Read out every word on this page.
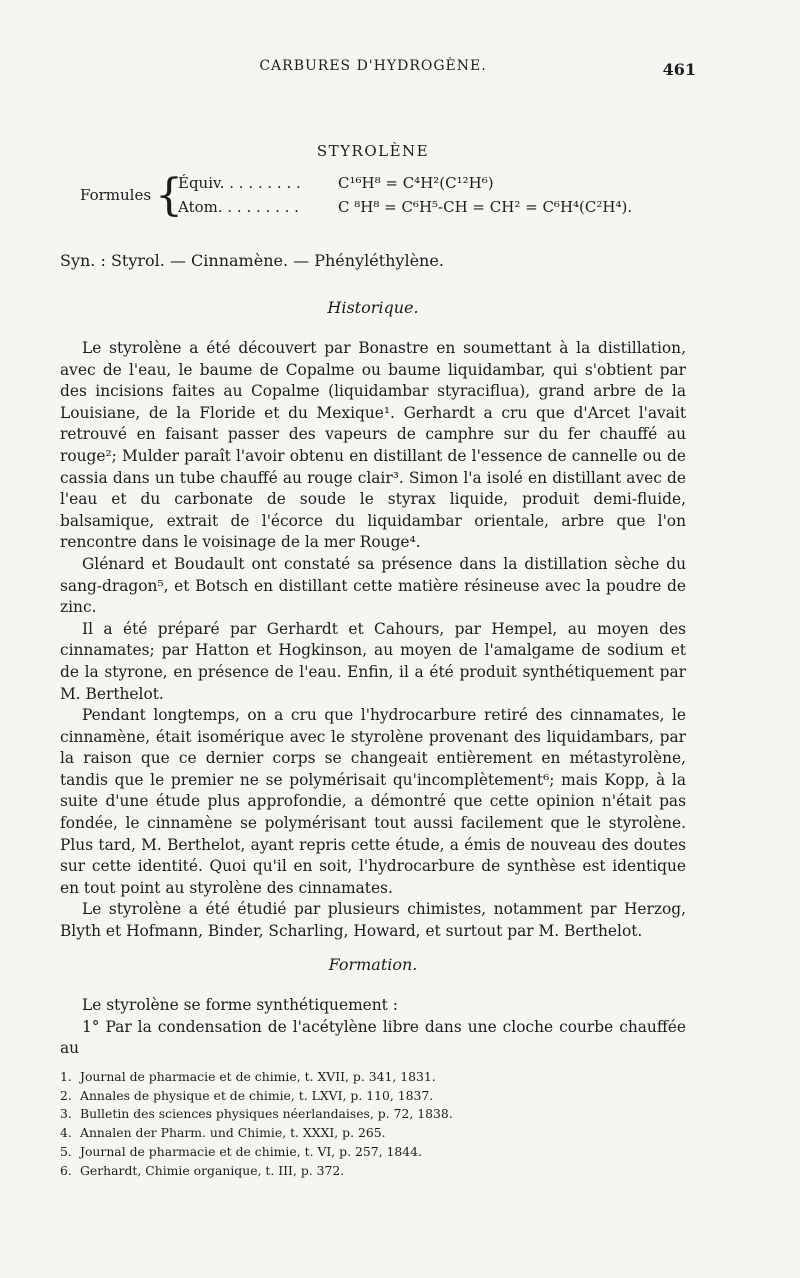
CARBURES D'HYDROGÈNE.	461
STYROLÈNE
Formules {
Équiv. . . . . . . . . C¹⁶H⁸ = C⁴H²(C¹²H⁶)
Atom. . . . . . . . .	C ⁸H⁸ = C⁶H⁵-CH = CH² = C⁶H⁴(C²H⁴).
Syn. : Styrol. — Cinnamène. — Phényléthylène.
Historique.

Le styrolène a été découvert par Bonastre en soumettant à la distillation, avec de l'eau, le baume de Copalme ou baume liquidambar, qui s'obtient par des incisions faites au Copalme (liquidambar styraciflua), grand arbre de la Louisiane, de la Floride et du Mexique¹. Gerhardt a cru que d'Arcet l'avait retrouvé en faisant passer des vapeurs de camphre sur du fer chauffé au rouge²; Mulder paraît l'avoir obtenu en distillant de l'essence de cannelle ou de cassia dans un tube chauffé au rouge clair³. Simon l'a isolé en distillant avec de l'eau et du carbonate de soude le styrax liquide, produit demi-fluide, balsamique, extrait de l'écorce du liquidambar orientale, arbre que l'on rencontre dans le voisinage de la mer Rouge⁴.

Glénard et Boudault ont constaté sa présence dans la distillation sèche du sang-dragon⁵, et Botsch en distillant cette matière résineuse avec la poudre de zinc.

Il a été préparé par Gerhardt et Cahours, par Hempel, au moyen des cinnamates; par Hatton et Hogkinson, au moyen de l'amalgame de sodium et de la styrone, en présence de l'eau. Enfin, il a été produit synthétiquement par M. Berthelot.

Pendant longtemps, on a cru que l'hydrocarbure retiré des cinnamates, le cinnamène, était isomérique avec le styrolène provenant des liquidambars, par la raison que ce dernier corps se changeait entièrement en métastyrolène, tandis que le premier ne se polymérisait qu'incomplètement⁶; mais Kopp, à la suite d'une étude plus approfondie, a démontré que cette opinion n'était pas fondée, le cinnamène se polymérisant tout aussi facilement que le styrolène. Plus tard, M. Berthelot, ayant repris cette étude, a émis de nouveau des doutes sur cette identité. Quoi qu'il en soit, l'hydrocarbure de synthèse est identique en tout point au styrolène des cinnamates.

Le styrolène a été étudié par plusieurs chimistes, notamment par Herzog, Blyth et Hofmann, Binder, Scharling, Howard, et surtout par M. Berthelot.

Formation.

Le styrolène se forme synthétiquement :

1° Par la condensation de l'acétylène libre dans une cloche courbe chauffée au

1. Journal de pharmacie et de chimie, t. XVII, p. 341, 1831.
2. Annales de physique et de chimie, t. LXVI, p. 110, 1837.
3. Bulletin des sciences physiques néerlandaises, p. 72, 1838.
4. Annalen der Pharm. und Chimie, t. XXXI, p. 265.
5. Journal de pharmacie et de chimie, t. VI, p. 257, 1844.
6. Gerhardt, Chimie organique, t. III, p. 372.
